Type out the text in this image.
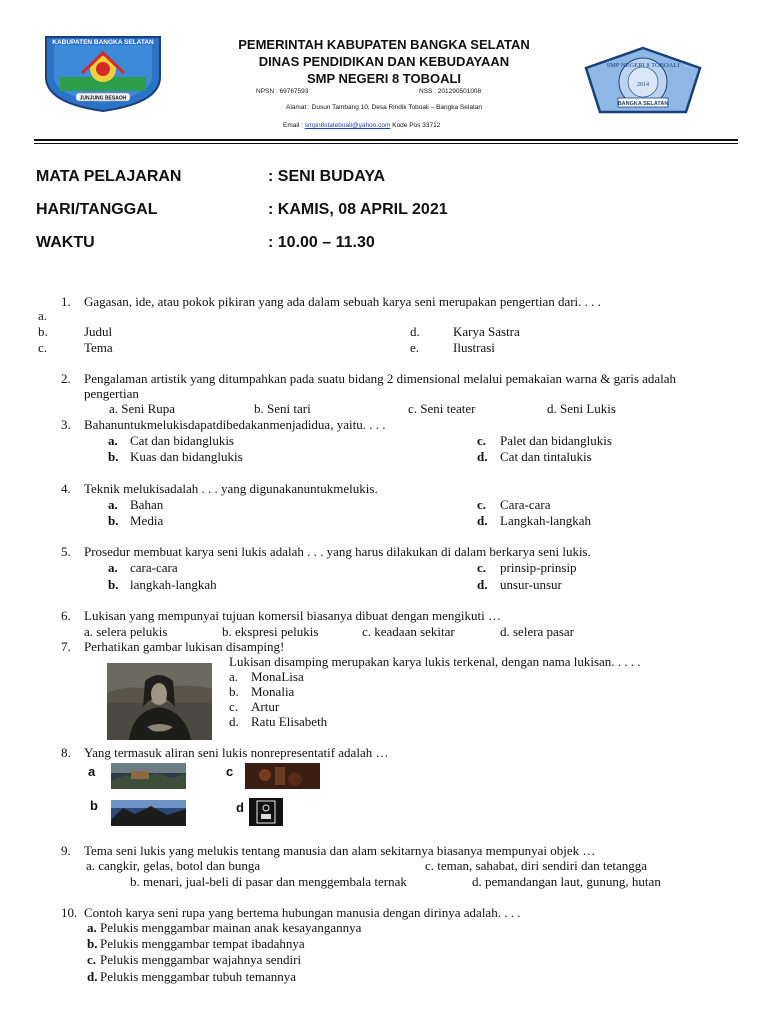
KABUPATEN BANGKA SELATAN
JUNJUNG BESAOH
PEMERINTAH KABUPATEN BANGKA SELATAN
DINAS PENDIDIKAN DAN KEBUDAYAAN
SMP NEGERI 8 TOBOALI
NPSN : 69767593	NSS : 201290501008
Alamat : Dusun Tambang 10, Desa Rindik Toboali – Bangka Selatan
Email : smpn8stateboali@yahoo.com Kode Pos 33712
SMP NEGERI 8 TOBOALI
2014
BANGKA SELATAN
MATA PELAJARAN	: SENI BUDAYA
HARI/TANGGAL	: KAMIS, 08 APRIL 2021
WAKTU	: 10.00 – 11.30
1. Gagasan, ide, atau pokok pikiran yang ada dalam sebuah karya seni merupakan pengertian dari. . . .
a.
b.	Judul
c.	Tema
d.	Karya Sastra
e.	Ilustrasi
2. Pengalaman artistik yang ditumpahkan pada suatu bidang 2 dimensional melalui pemakaian warna & garis adalah
pengertian
a. Seni Rupa	b. Seni tari	c. Seni teater	d. Seni Lukis
3. Bahanuntukmelukisdapatdibedakanmenjadidua, yaitu. . . .
a. Cat dan bidanglukis
b. Kuas dan bidanglukis
c. Palet dan bidanglukis
d. Cat dan tintalukis
4. Teknik melukisadalah . . . yang digunakanuntukmelukis.
a. Bahan
b. Media
c. Cara-cara
d. Langkah-langkah
5. Prosedur membuat karya seni lukis adalah . . . yang harus dilakukan di dalam berkarya seni lukis.
a. cara-cara
b. langkah-langkah
c. prinsip-prinsip
d. unsur-unsur
6. Lukisan yang mempunyai tujuan komersil biasanya dibuat dengan mengikuti …
a. selera pelukis	b. ekspresi pelukis	c. keadaan sekitar	d. selera pasar
7. Perhatikan gambar lukisan disamping!
Lukisan disamping merupakan karya lukis terkenal, dengan nama lukisan. . . . .
a. MonaLisa
b. Monalia
c. Artur
d. Ratu Elisabeth
8. Yang termasuk aliran seni lukis nonrepresentatif adalah …
a	c
b	d
9. Tema seni lukis yang melukis tentang manusia dan alam sekitarnya biasanya mempunyai objek …
a. cangkir, gelas, botol dan bunga	c. teman, sahabat, diri sendiri dan tetangga
b. menari, jual-beli di pasar dan menggembala ternak	d. pemandangan laut, gunung, hutan
10. Contoh karya seni rupa yang bertema hubungan manusia dengan dirinya adalah. . . .
a. Pelukis menggambar mainan anak kesayangannya
b. Pelukis menggambar tempat ibadahnya
c. Pelukis menggambar wajahnya sendiri
d. Pelukis menggambar tubuh temannya
